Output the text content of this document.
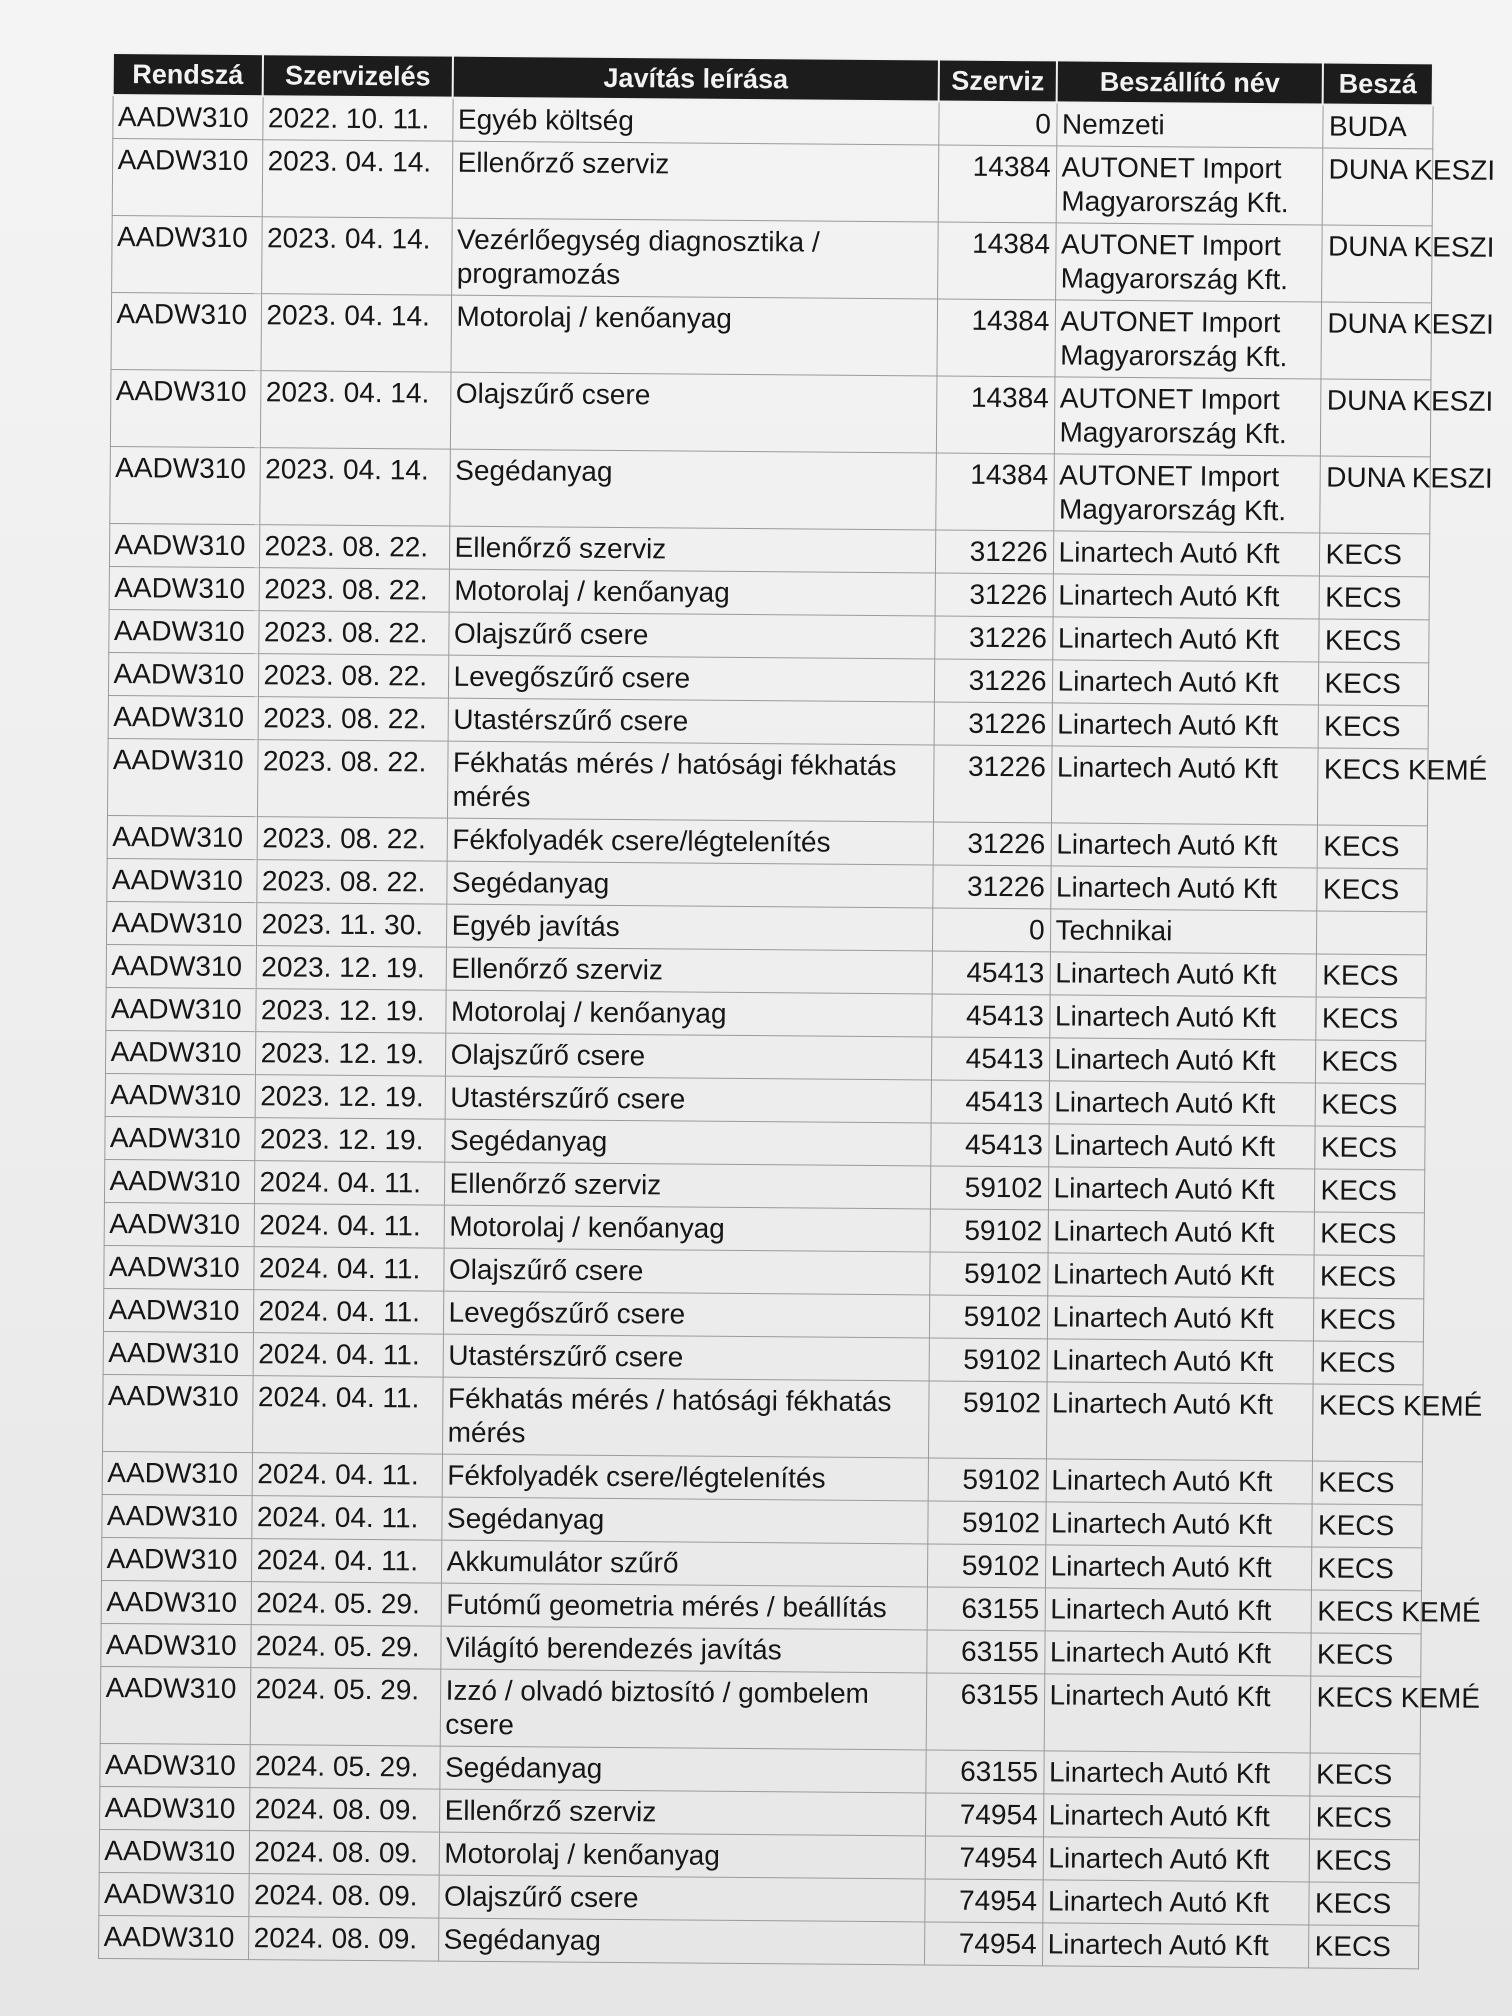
Rendszá	Szervizelés	Javítás leírása	Szerviz	Beszállító név	Beszá
AADW310	2022. 10. 11.	Egyéb költség	0	Nemzeti	BUDA
AADW310	2023. 04. 14.	Ellenőrző szerviz	14384	AUTONET Import Magyarország Kft.	DUNA KESZI
AADW310	2023. 04. 14.	Vezérlőegység diagnosztika / programozás	14384	AUTONET Import Magyarország Kft.	DUNA KESZI
AADW310	2023. 04. 14.	Motorolaj / kenőanyag	14384	AUTONET Import Magyarország Kft.	DUNA KESZI
AADW310	2023. 04. 14.	Olajszűrő csere	14384	AUTONET Import Magyarország Kft.	DUNA KESZI
AADW310	2023. 04. 14.	Segédanyag	14384	AUTONET Import Magyarország Kft.	DUNA KESZI
AADW310	2023. 08. 22.	Ellenőrző szerviz	31226	Linartech Autó Kft	KECS
AADW310	2023. 08. 22.	Motorolaj / kenőanyag	31226	Linartech Autó Kft	KECS
AADW310	2023. 08. 22.	Olajszűrő csere	31226	Linartech Autó Kft	KECS
AADW310	2023. 08. 22.	Levegőszűrő csere	31226	Linartech Autó Kft	KECS
AADW310	2023. 08. 22.	Utastérszűrő csere	31226	Linartech Autó Kft	KECS
AADW310	2023. 08. 22.	Fékhatás mérés / hatósági fékhatás mérés	31226	Linartech Autó Kft	KECS KEMÉ
AADW310	2023. 08. 22.	Fékfolyadék csere/légtelenítés	31226	Linartech Autó Kft	KECS
AADW310	2023. 08. 22.	Segédanyag	31226	Linartech Autó Kft	KECS
AADW310	2023. 11. 30.	Egyéb javítás	0	Technikai	
AADW310	2023. 12. 19.	Ellenőrző szerviz	45413	Linartech Autó Kft	KECS
AADW310	2023. 12. 19.	Motorolaj / kenőanyag	45413	Linartech Autó Kft	KECS
AADW310	2023. 12. 19.	Olajszűrő csere	45413	Linartech Autó Kft	KECS
AADW310	2023. 12. 19.	Utastérszűrő csere	45413	Linartech Autó Kft	KECS
AADW310	2023. 12. 19.	Segédanyag	45413	Linartech Autó Kft	KECS
AADW310	2024. 04. 11.	Ellenőrző szerviz	59102	Linartech Autó Kft	KECS
AADW310	2024. 04. 11.	Motorolaj / kenőanyag	59102	Linartech Autó Kft	KECS
AADW310	2024. 04. 11.	Olajszűrő csere	59102	Linartech Autó Kft	KECS
AADW310	2024. 04. 11.	Levegőszűrő csere	59102	Linartech Autó Kft	KECS
AADW310	2024. 04. 11.	Utastérszűrő csere	59102	Linartech Autó Kft	KECS
AADW310	2024. 04. 11.	Fékhatás mérés / hatósági fékhatás mérés	59102	Linartech Autó Kft	KECS KEMÉ
AADW310	2024. 04. 11.	Fékfolyadék csere/légtelenítés	59102	Linartech Autó Kft	KECS
AADW310	2024. 04. 11.	Segédanyag	59102	Linartech Autó Kft	KECS
AADW310	2024. 04. 11.	Akkumulátor szűrő	59102	Linartech Autó Kft	KECS
AADW310	2024. 05. 29.	Futómű geometria mérés / beállítás	63155	Linartech Autó Kft	KECS KEMÉ
AADW310	2024. 05. 29.	Világító berendezés javítás	63155	Linartech Autó Kft	KECS
AADW310	2024. 05. 29.	Izzó / olvadó biztosító / gombelem csere	63155	Linartech Autó Kft	KECS KEMÉ
AADW310	2024. 05. 29.	Segédanyag	63155	Linartech Autó Kft	KECS
AADW310	2024. 08. 09.	Ellenőrző szerviz	74954	Linartech Autó Kft	KECS
AADW310	2024. 08. 09.	Motorolaj / kenőanyag	74954	Linartech Autó Kft	KECS
AADW310	2024. 08. 09.	Olajszűrő csere	74954	Linartech Autó Kft	KECS
AADW310	2024. 08. 09.	Segédanyag	74954	Linartech Autó Kft	KECS
